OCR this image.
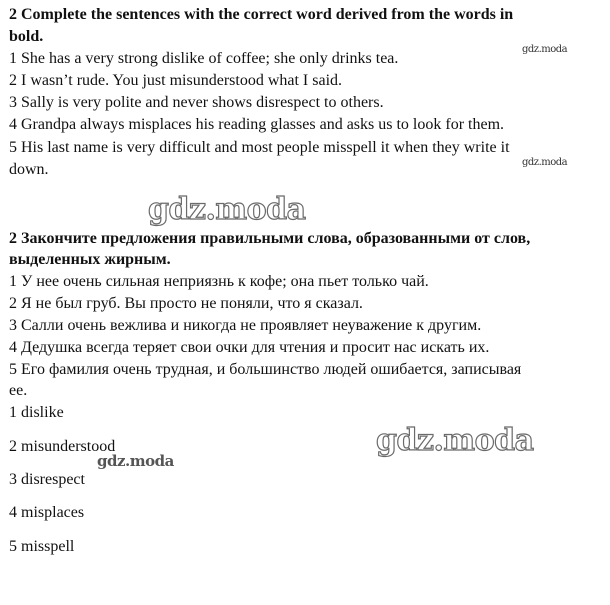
2 Complete the sentences with the correct word derived from the words in
bold.
1 She has a very strong dislike of coffee; she only drinks tea.
2 I wasn’t rude. You just misunderstood what I said.
3 Sally is very polite and never shows disrespect to others.
4 Grandpa always misplaces his reading glasses and asks us to look for them.
5 His last name is very difficult and most people misspell it when they write it
down.
gdz.moda
gdz.moda
gdz.moda
2 Закончите предложения правильными слова, образованными от слов,
выделенных жирным.
1 У нее очень сильная неприязнь к кофе; она пьет только чай.
2 Я не был груб. Вы просто не поняли, что я сказал.
3 Салли очень вежлива и никогда не проявляет неуважение к другим.
4 Дедушка всегда теряет свои очки для чтения и просит нас искать их.
5 Его фамилия очень трудная, и большинство людей ошибается, записывая
ее.
1 dislike
2 misunderstood
3 disrespect
4 misplaces
5 misspell
gdz.moda
gdz.moda
